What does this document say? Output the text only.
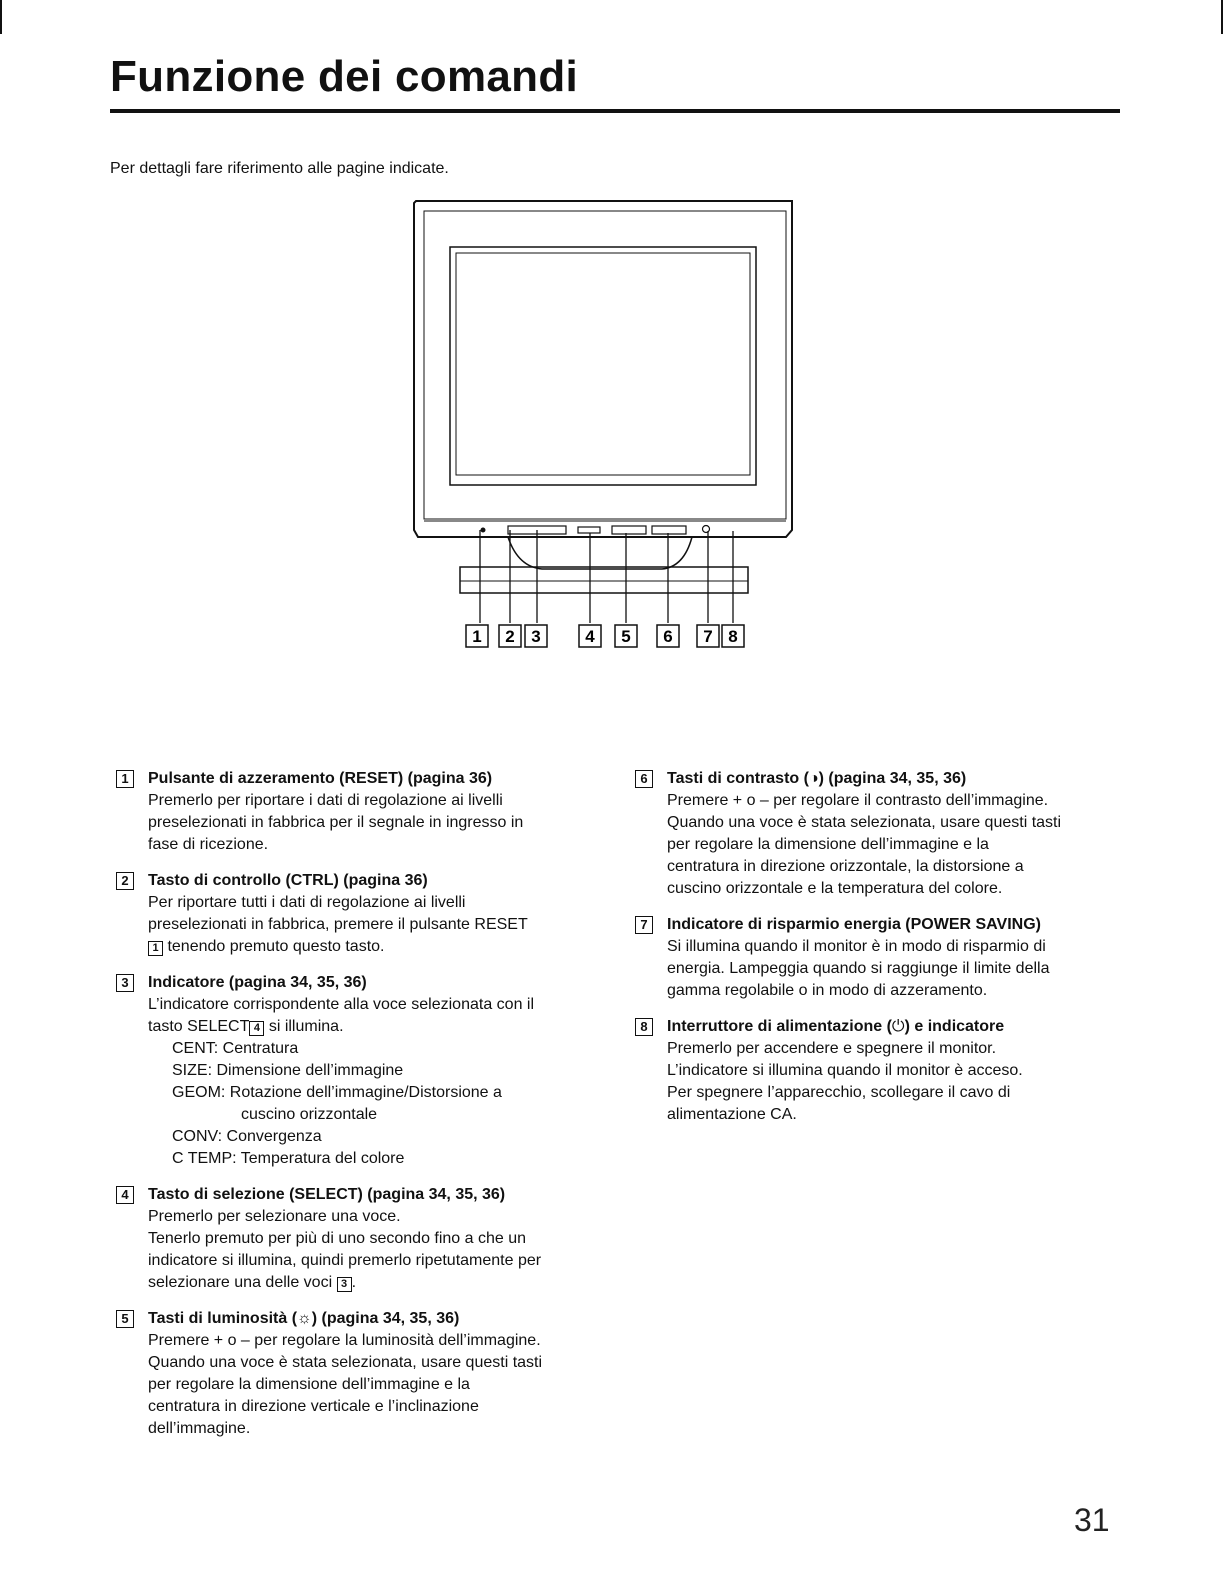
Funzione dei comandi
Per dettagli fare riferimento alle pagine indicate.
1 2 3	4 5 6 7 8
1	Pulsante di azzeramento (RESET) (pagina 36)
Premerlo per riportare i dati di regolazione ai livelli
preselezionati in fabbrica per il segnale in ingresso in
fase di ricezione.
2	Tasto di controllo (CTRL) (pagina 36)
Per riportare tutti i dati di regolazione ai livelli
preselezionati in fabbrica, premere il pulsante RESET
1 tenendo premuto questo tasto.
3	Indicatore (pagina 34, 35, 36)
L’indicatore corrispondente alla voce selezionata con il
tasto SELECT 4 si illumina.
CENT: Centratura
SIZE: Dimensione dell’immagine
GEOM: Rotazione dell’immagine/Distorsione a
cuscino orizzontale
CONV: Convergenza
C TEMP: Temperatura del colore
4	Tasto di selezione (SELECT) (pagina 34, 35, 36)
Premerlo per selezionare una voce.
Tenerlo premuto per più di uno secondo fino a che un
indicatore si illumina, quindi premerlo ripetutamente per
selezionare una delle voci 3 .
5	Tasti di luminosità (☼) (pagina 34, 35, 36)
Premere + o – per regolare la luminosità dell’immagine.
Quando una voce è stata selezionata, usare questi tasti
per regolare la dimensione dell’immagine e la
centratura in direzione verticale e l’inclinazione
dell’immagine.
6	Tasti di contrasto (◑) (pagina 34, 35, 36)
Premere + o – per regolare il contrasto dell’immagine.
Quando una voce è stata selezionata, usare questi tasti
per regolare la dimensione dell’immagine e la
centratura in direzione orizzontale, la distorsione a
cuscino orizzontale e la temperatura del colore.
7	Indicatore di risparmio energia (POWER SAVING)
Si illumina quando il monitor è in modo di risparmio di
energia. Lampeggia quando si raggiunge il limite della
gamma regolabile o in modo di azzeramento.
8	Interruttore di alimentazione (⏻) e indicatore
Premerlo per accendere e spegnere il monitor.
L’indicatore si illumina quando il monitor è acceso.
Per spegnere l’apparecchio, scollegare il cavo di
alimentazione CA.
31
